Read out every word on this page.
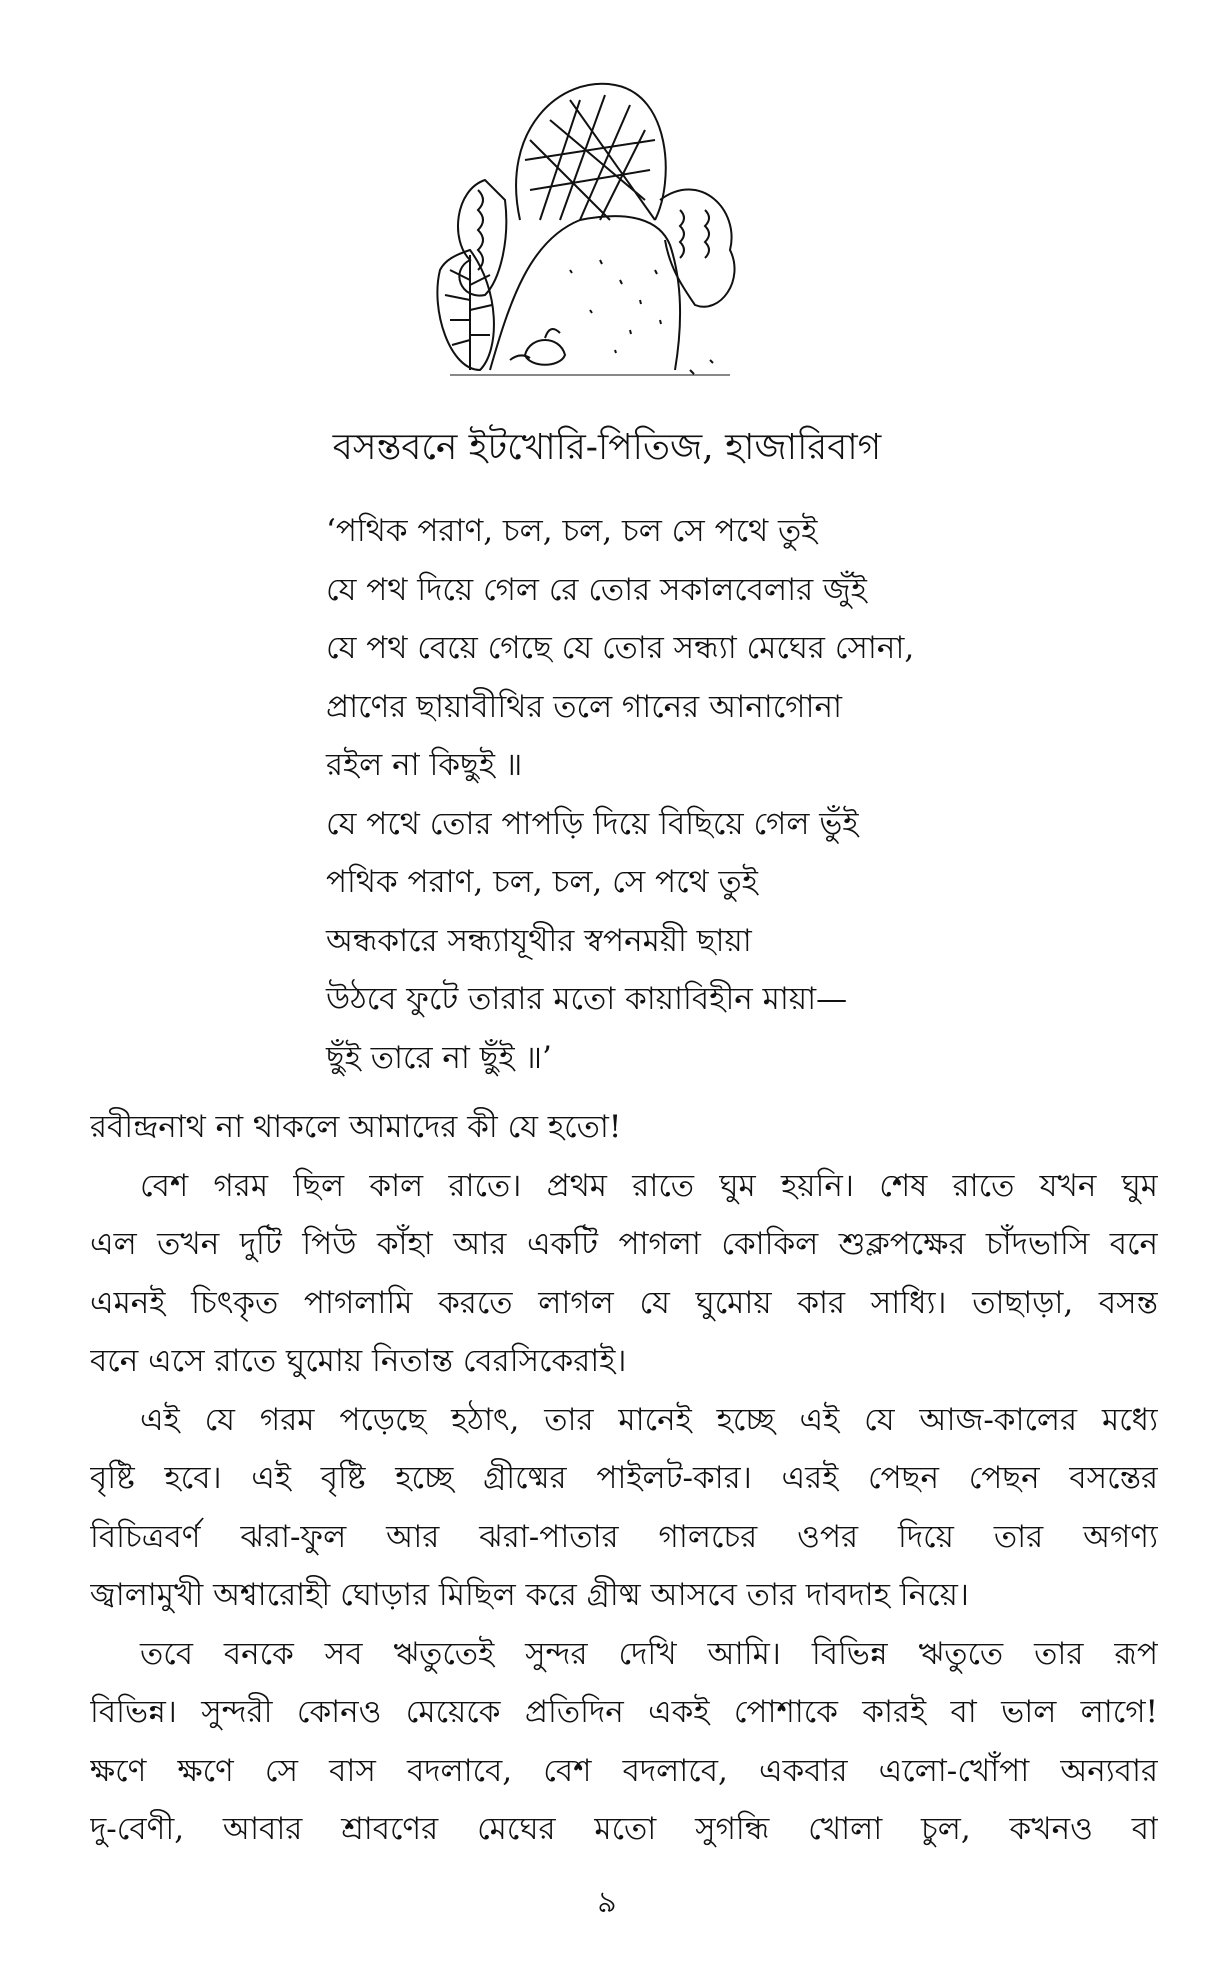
বসন্তবনে ইটখোরি-পিতিজ, হাজারিবাগ
‘পথিক পরাণ, চল, চল, চল সে পথে তুই
যে পথ দিয়ে গেল রে তোর সকালবেলার জুঁই
যে পথ বেয়ে গেছে যে তোর সন্ধ্যা মেঘের সোনা,
প্রাণের ছায়াবীথির তলে গানের আনাগোনা
রইল না কিছুই ॥
যে পথে তোর পাপড়ি দিয়ে বিছিয়ে গেল ভুঁই
পথিক পরাণ, চল, চল, সে পথে তুই
অন্ধকারে সন্ধ্যাযূথীর স্বপনময়ী ছায়া
উঠবে ফুটে তারার মতো কায়াবিহীন মায়া—
ছুঁই তারে না ছুঁই ॥’
রবীন্দ্রনাথ না থাকলে আমাদের কী যে হতো!
বেশ গরম ছিল কাল রাতে। প্রথম রাতে ঘুম হয়নি। শেষ রাতে যখন ঘুম
এল তখন দুটি পিউ কাঁহা আর একটি পাগলা কোকিল শুক্লপক্ষের চাঁদভাসি বনে
এমনই চিৎকৃত পাগলামি করতে লাগল যে ঘুমোয় কার সাধ্যি। তাছাড়া, বসন্ত
বনে এসে রাতে ঘুমোয় নিতান্ত বেরসিকেরাই।
এই যে গরম পড়েছে হঠাৎ, তার মানেই হচ্ছে এই যে আজ-কালের মধ্যে
বৃষ্টি হবে। এই বৃষ্টি হচ্ছে গ্রীষ্মের পাইলট-কার। এরই পেছন পেছন বসন্তের
বিচিত্রবর্ণ ঝরা-ফুল আর ঝরা-পাতার গালচের ওপর দিয়ে তার অগণ্য
জ্বালামুখী অশ্বারোহী ঘোড়ার মিছিল করে গ্রীষ্ম আসবে তার দাবদাহ নিয়ে।
তবে বনকে সব ঋতুতেই সুন্দর দেখি আমি। বিভিন্ন ঋতুতে তার রূপ
বিভিন্ন। সুন্দরী কোনও মেয়েকে প্রতিদিন একই পোশাকে কারই বা ভাল লাগে!
ক্ষণে ক্ষণে সে বাস বদলাবে, বেশ বদলাবে, একবার এলো-খোঁপা অন্যবার
দু-বেণী, আবার শ্রাবণের মেঘের মতো সুগন্ধি খোলা চুল, কখনও বা
৯
